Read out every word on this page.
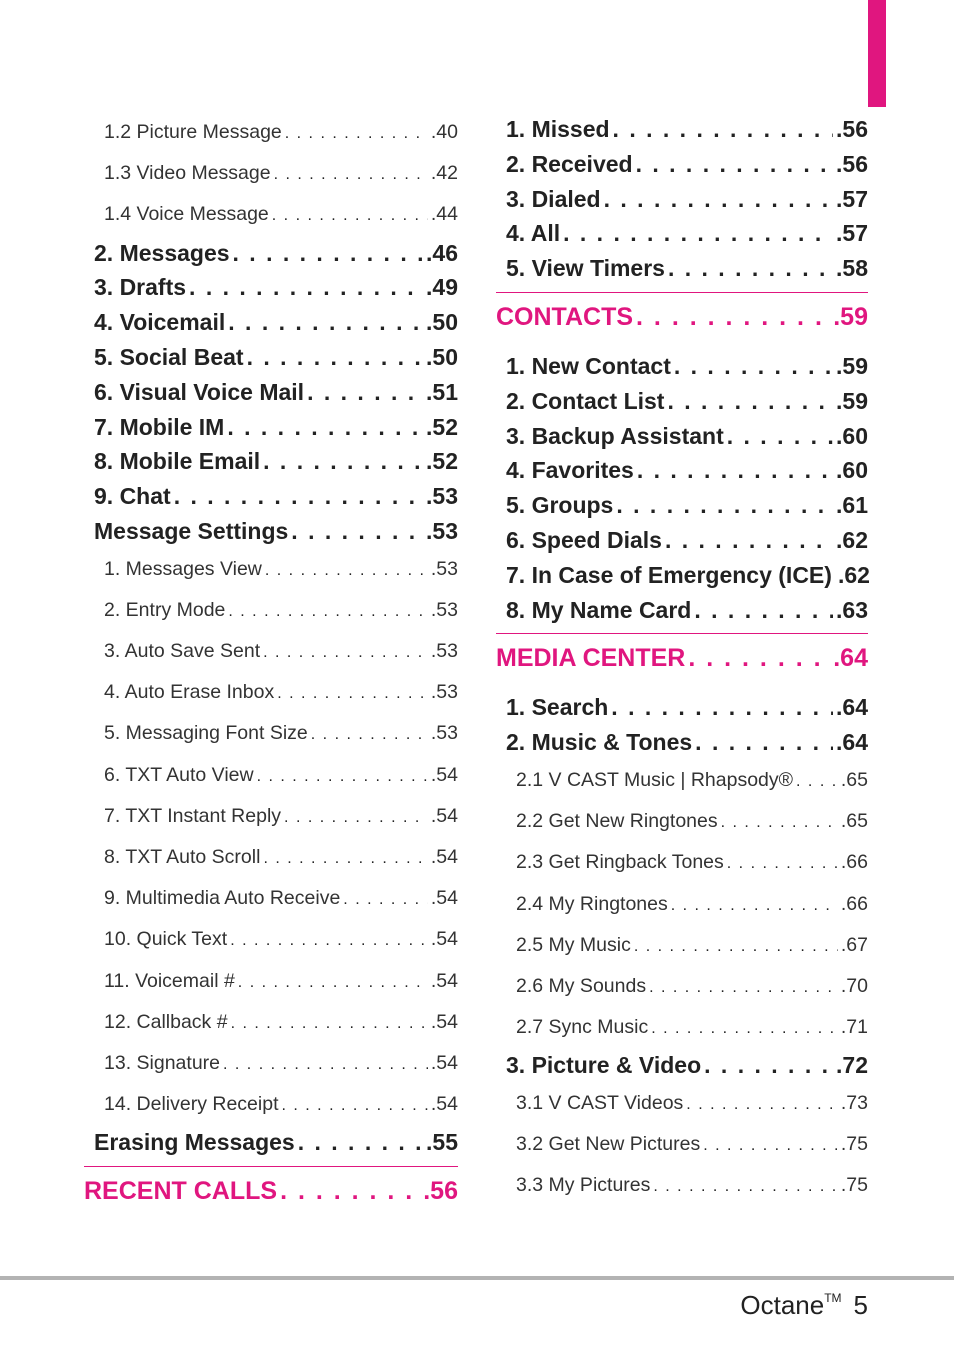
1.2 Picture Message . . .	.40
1.3 Video Message . . .	.42
1.4 Voice Message . . .	.44
2. Messages . . .	.46
3. Drafts . . .	.49
4. Voicemail . . .	.50
5. Social Beat . . .	.50
6. Visual Voice Mail . . .	.51
7. Mobile IM . . .	.52
8. Mobile Email . . .	.52
9. Chat . . .	.53
Message Settings . . .	.53
1. Messages View . . .	.53
2. Entry Mode . . .	.53
3. Auto Save Sent . . .	.53
4. Auto Erase Inbox . . .	.53
5. Messaging Font Size . . .	.53
6. TXT Auto View . . .	.54
7. TXT Instant Reply . . .	.54
8. TXT Auto Scroll . . .	.54
9. Multimedia Auto Receive . . .	.54
10. Quick Text . . .	.54
11. Voicemail # . . .	.54
12. Callback # . . .	.54
13. Signature . . .	.54
14. Delivery Receipt . . .	.54
Erasing Messages . . .	.55
RECENT CALLS . . .	.56
1. Missed . . .	.56
2. Received . . .	.56
3. Dialed . . .	.57
4. All . . .	.57
5. View Timers . . .	.58
CONTACTS . . .	.59
1. New Contact . . .	.59
2. Contact List . . .	.59
3. Backup Assistant . . .	.60
4. Favorites . . .	.60
5. Groups . . .	.61
6. Speed Dials . . .	.62
7. In Case of Emergency (ICE) .62
8. My Name Card . . .	.63
MEDIA CENTER . . .	.64
1. Search . . .	.64
2. Music & Tones . . .	.64
2.1 V CAST Music | Rhapsody® . . . .65
2.2 Get New Ringtones . . .	.65
2.3 Get Ringback Tones . . .	.66
2.4 My Ringtones . . .	.66
2.5 My Music . . .	.67
2.6 My Sounds . . .	.70
2.7 Sync Music . . .	.71
3. Picture & Video . . .	.72
3.1 V CAST Videos . . .	.73
3.2 Get New Pictures . . .	.75
3.3 My Pictures . . .	.75
Octane™ 5
